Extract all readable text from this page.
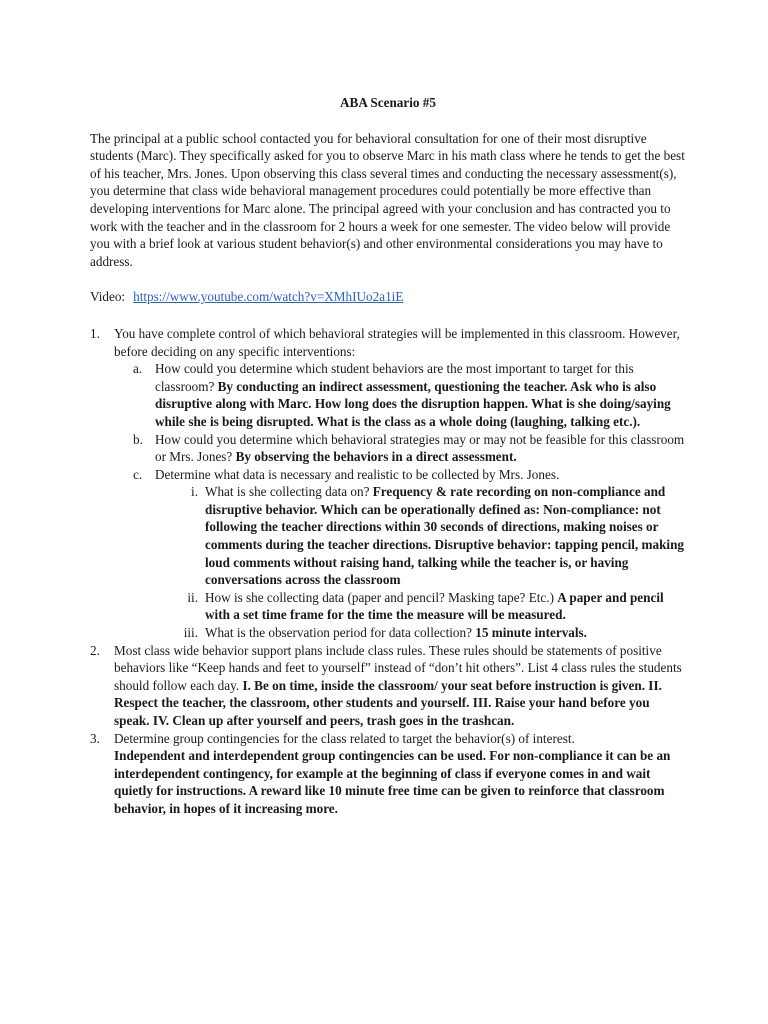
ABA Scenario #5
The principal at a public school contacted you for behavioral consultation for one of their most disruptive students (Marc). They specifically asked for you to observe Marc in his math class where he tends to get the best of his teacher, Mrs. Jones. Upon observing this class several times and conducting the necessary assessment(s), you determine that class wide behavioral management procedures could potentially be more effective than developing interventions for Marc alone. The principal agreed with your conclusion and has contracted you to work with the teacher and in the classroom for 2 hours a week for one semester. The video below will provide you with a brief look at various student behavior(s) and other environmental considerations you may have to address.
Video: https://www.youtube.com/watch?v=XMhIUo2a1iE
1. You have complete control of which behavioral strategies will be implemented in this classroom. However, before deciding on any specific interventions:
a. How could you determine which student behaviors are the most important to target for this classroom? By conducting an indirect assessment, questioning the teacher. Ask who is also disruptive along with Marc. How long does the disruption happen. What is she doing/saying while she is being disrupted. What is the class as a whole doing (laughing, talking etc.).
b. How could you determine which behavioral strategies may or may not be feasible for this classroom or Mrs. Jones? By observing the behaviors in a direct assessment.
c. Determine what data is necessary and realistic to be collected by Mrs. Jones.
i. What is she collecting data on? Frequency & rate recording on non-compliance and disruptive behavior. Which can be operationally defined as: Non-compliance: not following the teacher directions within 30 seconds of directions, making noises or comments during the teacher directions. Disruptive behavior: tapping pencil, making loud comments without raising hand, talking while the teacher is, or having conversations across the classroom
ii. How is she collecting data (paper and pencil? Masking tape? Etc.) A paper and pencil with a set time frame for the time the measure will be measured.
iii. What is the observation period for data collection? 15 minute intervals.
2. Most class wide behavior support plans include class rules. These rules should be statements of positive behaviors like “Keep hands and feet to yourself” instead of “don’t hit others”. List 4 class rules the students should follow each day. I. Be on time, inside the classroom/ your seat before instruction is given. II. Respect the teacher, the classroom, other students and yourself. III. Raise your hand before you speak. IV. Clean up after yourself and peers, trash goes in the trashcan.
3. Determine group contingencies for the class related to target the behavior(s) of interest.
Independent and interdependent group contingencies can be used. For non-compliance it can be an interdependent contingency, for example at the beginning of class if everyone comes in and wait quietly for instructions. A reward like 10 minute free time can be given to reinforce that classroom behavior, in hopes of it increasing more.
